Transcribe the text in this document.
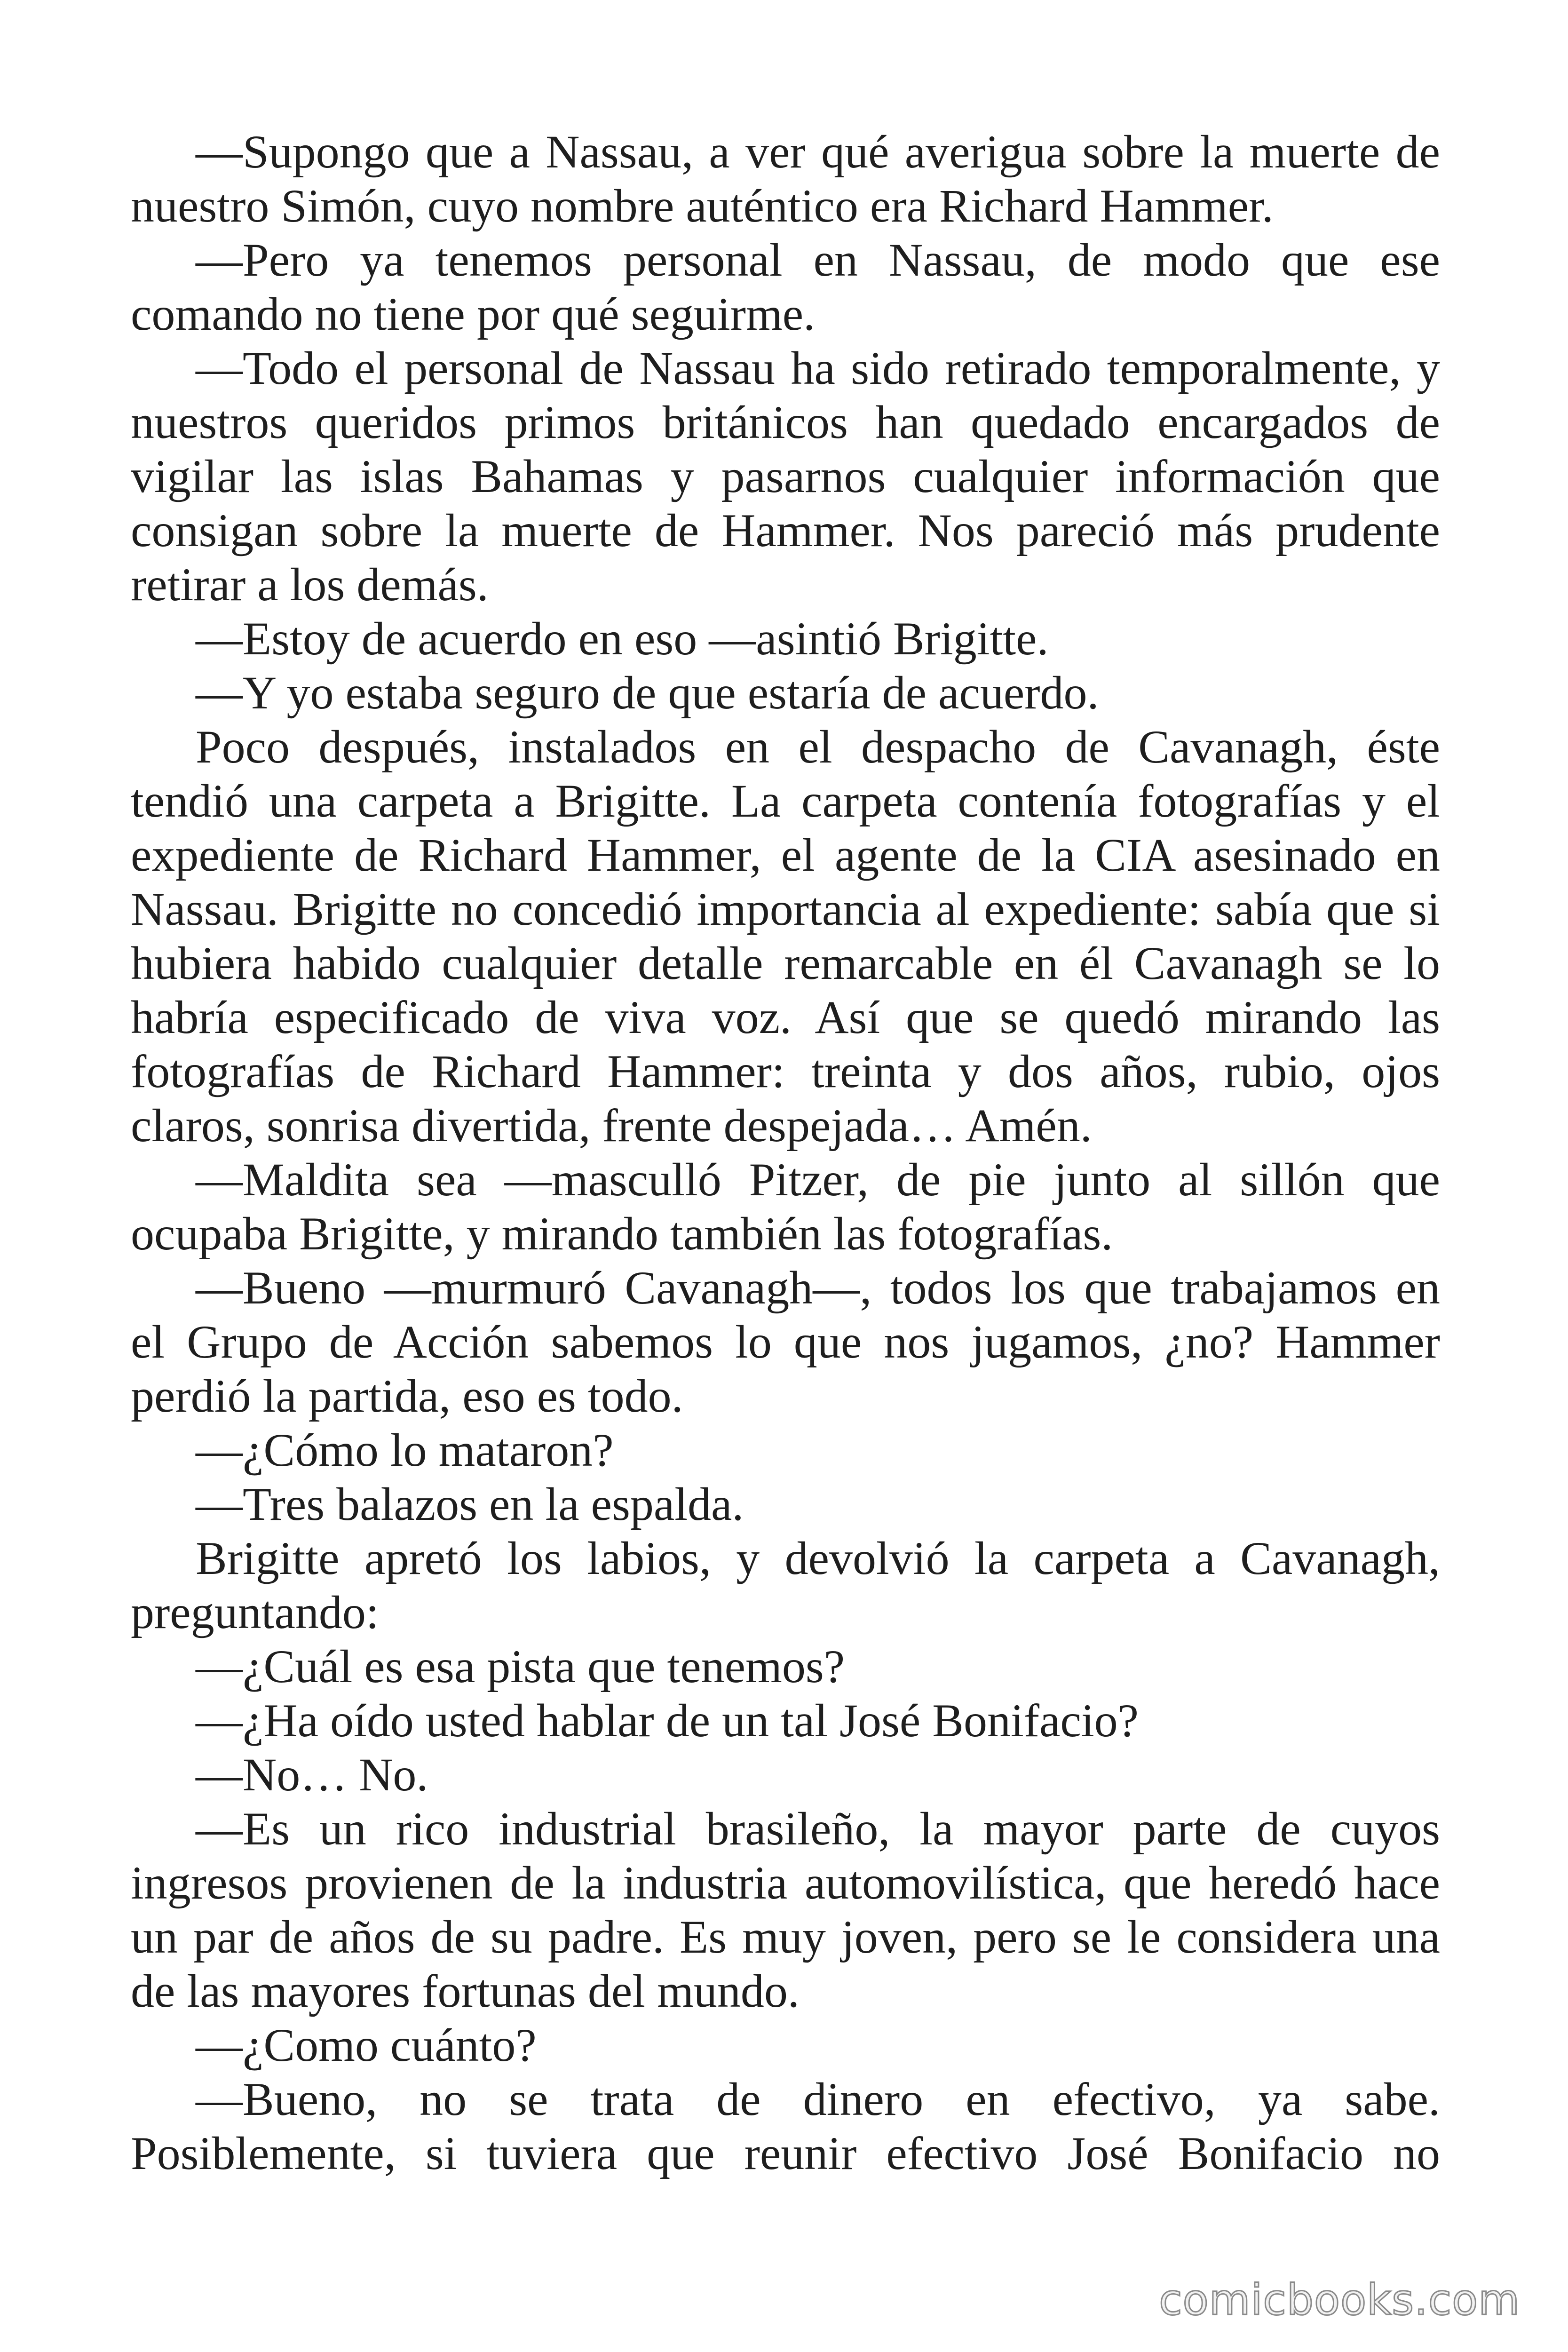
—Supongo que a Nassau, a ver qué averigua sobre la muerte de
nuestro Simón, cuyo nombre auténtico era Richard Hammer.
—Pero ya tenemos personal en Nassau, de modo que ese
comando no tiene por qué seguirme.
—Todo el personal de Nassau ha sido retirado temporalmente, y
nuestros queridos primos británicos han quedado encargados de
vigilar las islas Bahamas y pasarnos cualquier información que
consigan sobre la muerte de Hammer. Nos pareció más prudente
retirar a los demás.
—Estoy de acuerdo en eso —asintió Brigitte.
—Y yo estaba seguro de que estaría de acuerdo.
Poco después, instalados en el despacho de Cavanagh, éste
tendió una carpeta a Brigitte. La carpeta contenía fotografías y el
expediente de Richard Hammer, el agente de la CIA asesinado en
Nassau. Brigitte no concedió importancia al expediente: sabía que si
hubiera habido cualquier detalle remarcable en él Cavanagh se lo
habría especificado de viva voz. Así que se quedó mirando las
fotografías de Richard Hammer: treinta y dos años, rubio, ojos
claros, sonrisa divertida, frente despejada… Amén.
—Maldita sea —masculló Pitzer, de pie junto al sillón que
ocupaba Brigitte, y mirando también las fotografías.
—Bueno —murmuró Cavanagh—, todos los que trabajamos en
el Grupo de Acción sabemos lo que nos jugamos, ¿no? Hammer
perdió la partida, eso es todo.
—¿Cómo lo mataron?
—Tres balazos en la espalda.
Brigitte apretó los labios, y devolvió la carpeta a Cavanagh,
preguntando:
—¿Cuál es esa pista que tenemos?
—¿Ha oído usted hablar de un tal José Bonifacio?
—No… No.
—Es un rico industrial brasileño, la mayor parte de cuyos
ingresos provienen de la industria automovilística, que heredó hace
un par de años de su padre. Es muy joven, pero se le considera una
de las mayores fortunas del mundo.
—¿Como cuánto?
—Bueno, no se trata de dinero en efectivo, ya sabe.
Posiblemente, si tuviera que reunir efectivo José Bonifacio no
comicbooks.com
